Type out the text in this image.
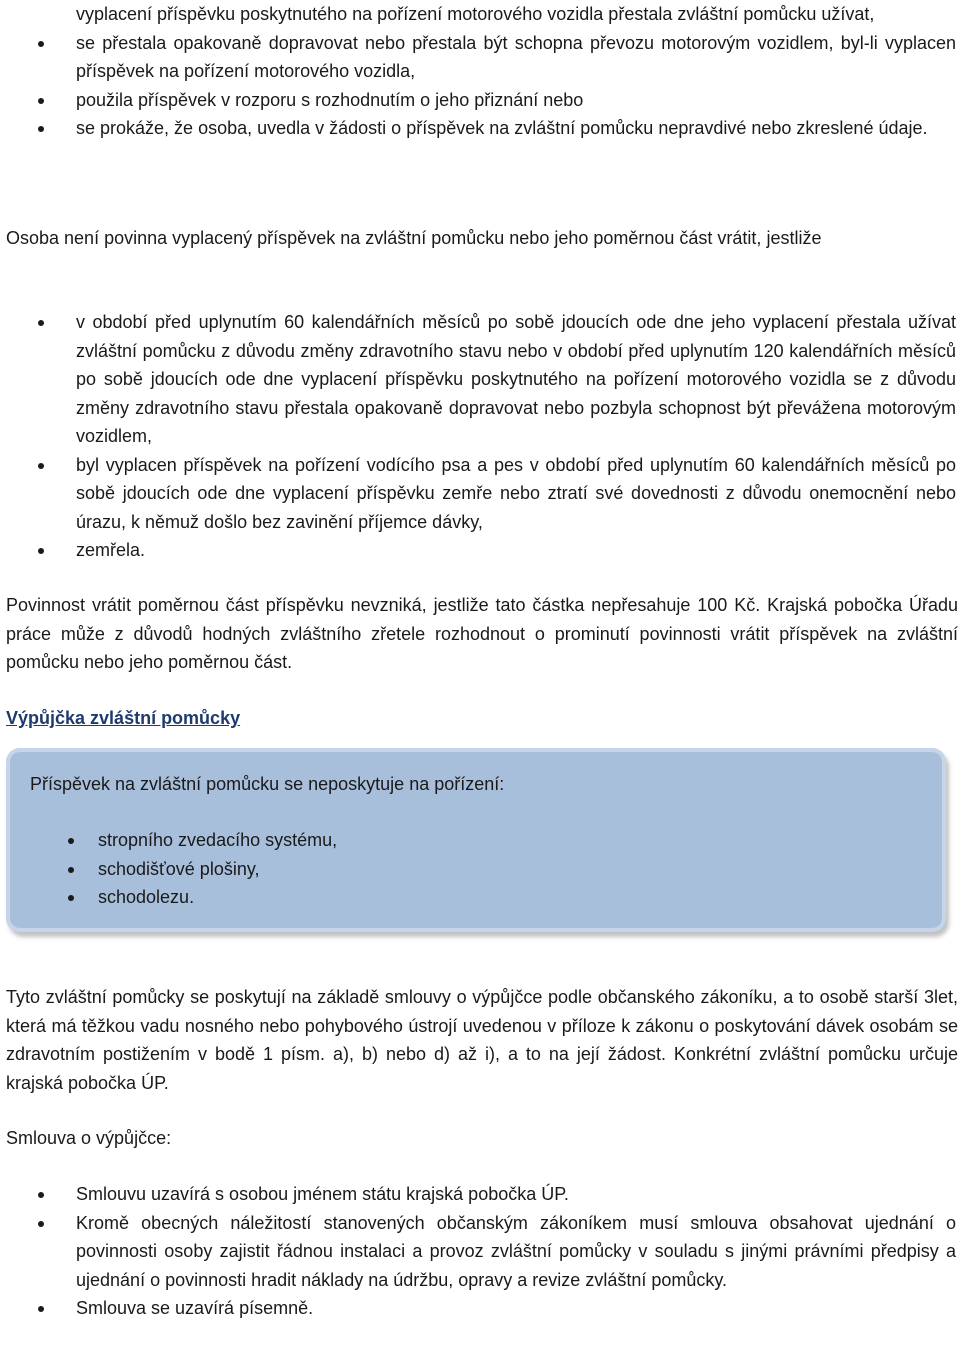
vyplacení příspěvku poskytnutého na pořízení motorového vozidla přestala zvláštní pomůcku užívat,
se přestala opakovaně dopravovat nebo přestala být schopna převozu motorovým vozidlem, byl-li vyplacen příspěvek na pořízení motorového vozidla,
použila příspěvek v rozporu s rozhodnutím o jeho přiznání nebo
se prokáže, že osoba, uvedla v žádosti o příspěvek na zvláštní pomůcku nepravdivé nebo zkreslené údaje.

Osoba není povinna vyplacený příspěvek na zvláštní pomůcku nebo jeho poměrnou část vrátit, jestliže

v období před uplynutím 60 kalendářních měsíců po sobě jdoucích ode dne jeho vyplacení přestala užívat zvláštní pomůcku z důvodu změny zdravotního stavu nebo v období před uplynutím 120 kalendářních měsíců po sobě jdoucích ode dne vyplacení příspěvku poskytnutého na pořízení motorového vozidla se z důvodu změny zdravotního stavu přestala opakovaně dopravovat nebo pozbyla schopnost být převážena motorovým vozidlem,
byl vyplacen příspěvek na pořízení vodícího psa a pes v období před uplynutím 60 kalendářních měsíců po sobě jdoucích ode dne vyplacení příspěvku zemře nebo ztratí své dovednosti z důvodu onemocnění nebo úrazu, k němuž došlo bez zavinění příjemce dávky,
zemřela.

Povinnost vrátit poměrnou část příspěvku nevzniká, jestliže tato částka nepřesahuje 100 Kč. Krajská pobočka Úřadu práce může z důvodů hodných zvláštního zřetele rozhodnout o prominutí povinnosti vrátit příspěvek na zvláštní pomůcku nebo jeho poměrnou část.

Výpůjčka zvláštní pomůcky
Příspěvek na zvláštní pomůcku se neposkytuje na pořízení:
stropního zvedacího systému,
schodišťové plošiny,
schodolezu.

Tyto zvláštní pomůcky se poskytují na základě smlouvy o výpůjčce podle občanského zákoníku, a to osobě starší 3let, která má těžkou vadu nosného nebo pohybového ústrojí uvedenou v příloze k zákonu o poskytování dávek osobám se zdravotním postižením v bodě 1 písm. a), b) nebo d) až i), a to na její žádost. Konkrétní zvláštní pomůcku určuje krajská pobočka ÚP.

Smlouva o výpůjčce:

Smlouvu uzavírá s osobou jménem státu krajská pobočka ÚP.
Kromě obecných náležitostí stanovených občanským zákoníkem musí smlouva obsahovat ujednání o povinnosti osoby zajistit řádnou instalaci a provoz zvláštní pomůcky v souladu s jinými právními předpisy a ujednání o povinnosti hradit náklady na údržbu, opravy a revize zvláštní pomůcky.
Smlouva se uzavírá písemně.
